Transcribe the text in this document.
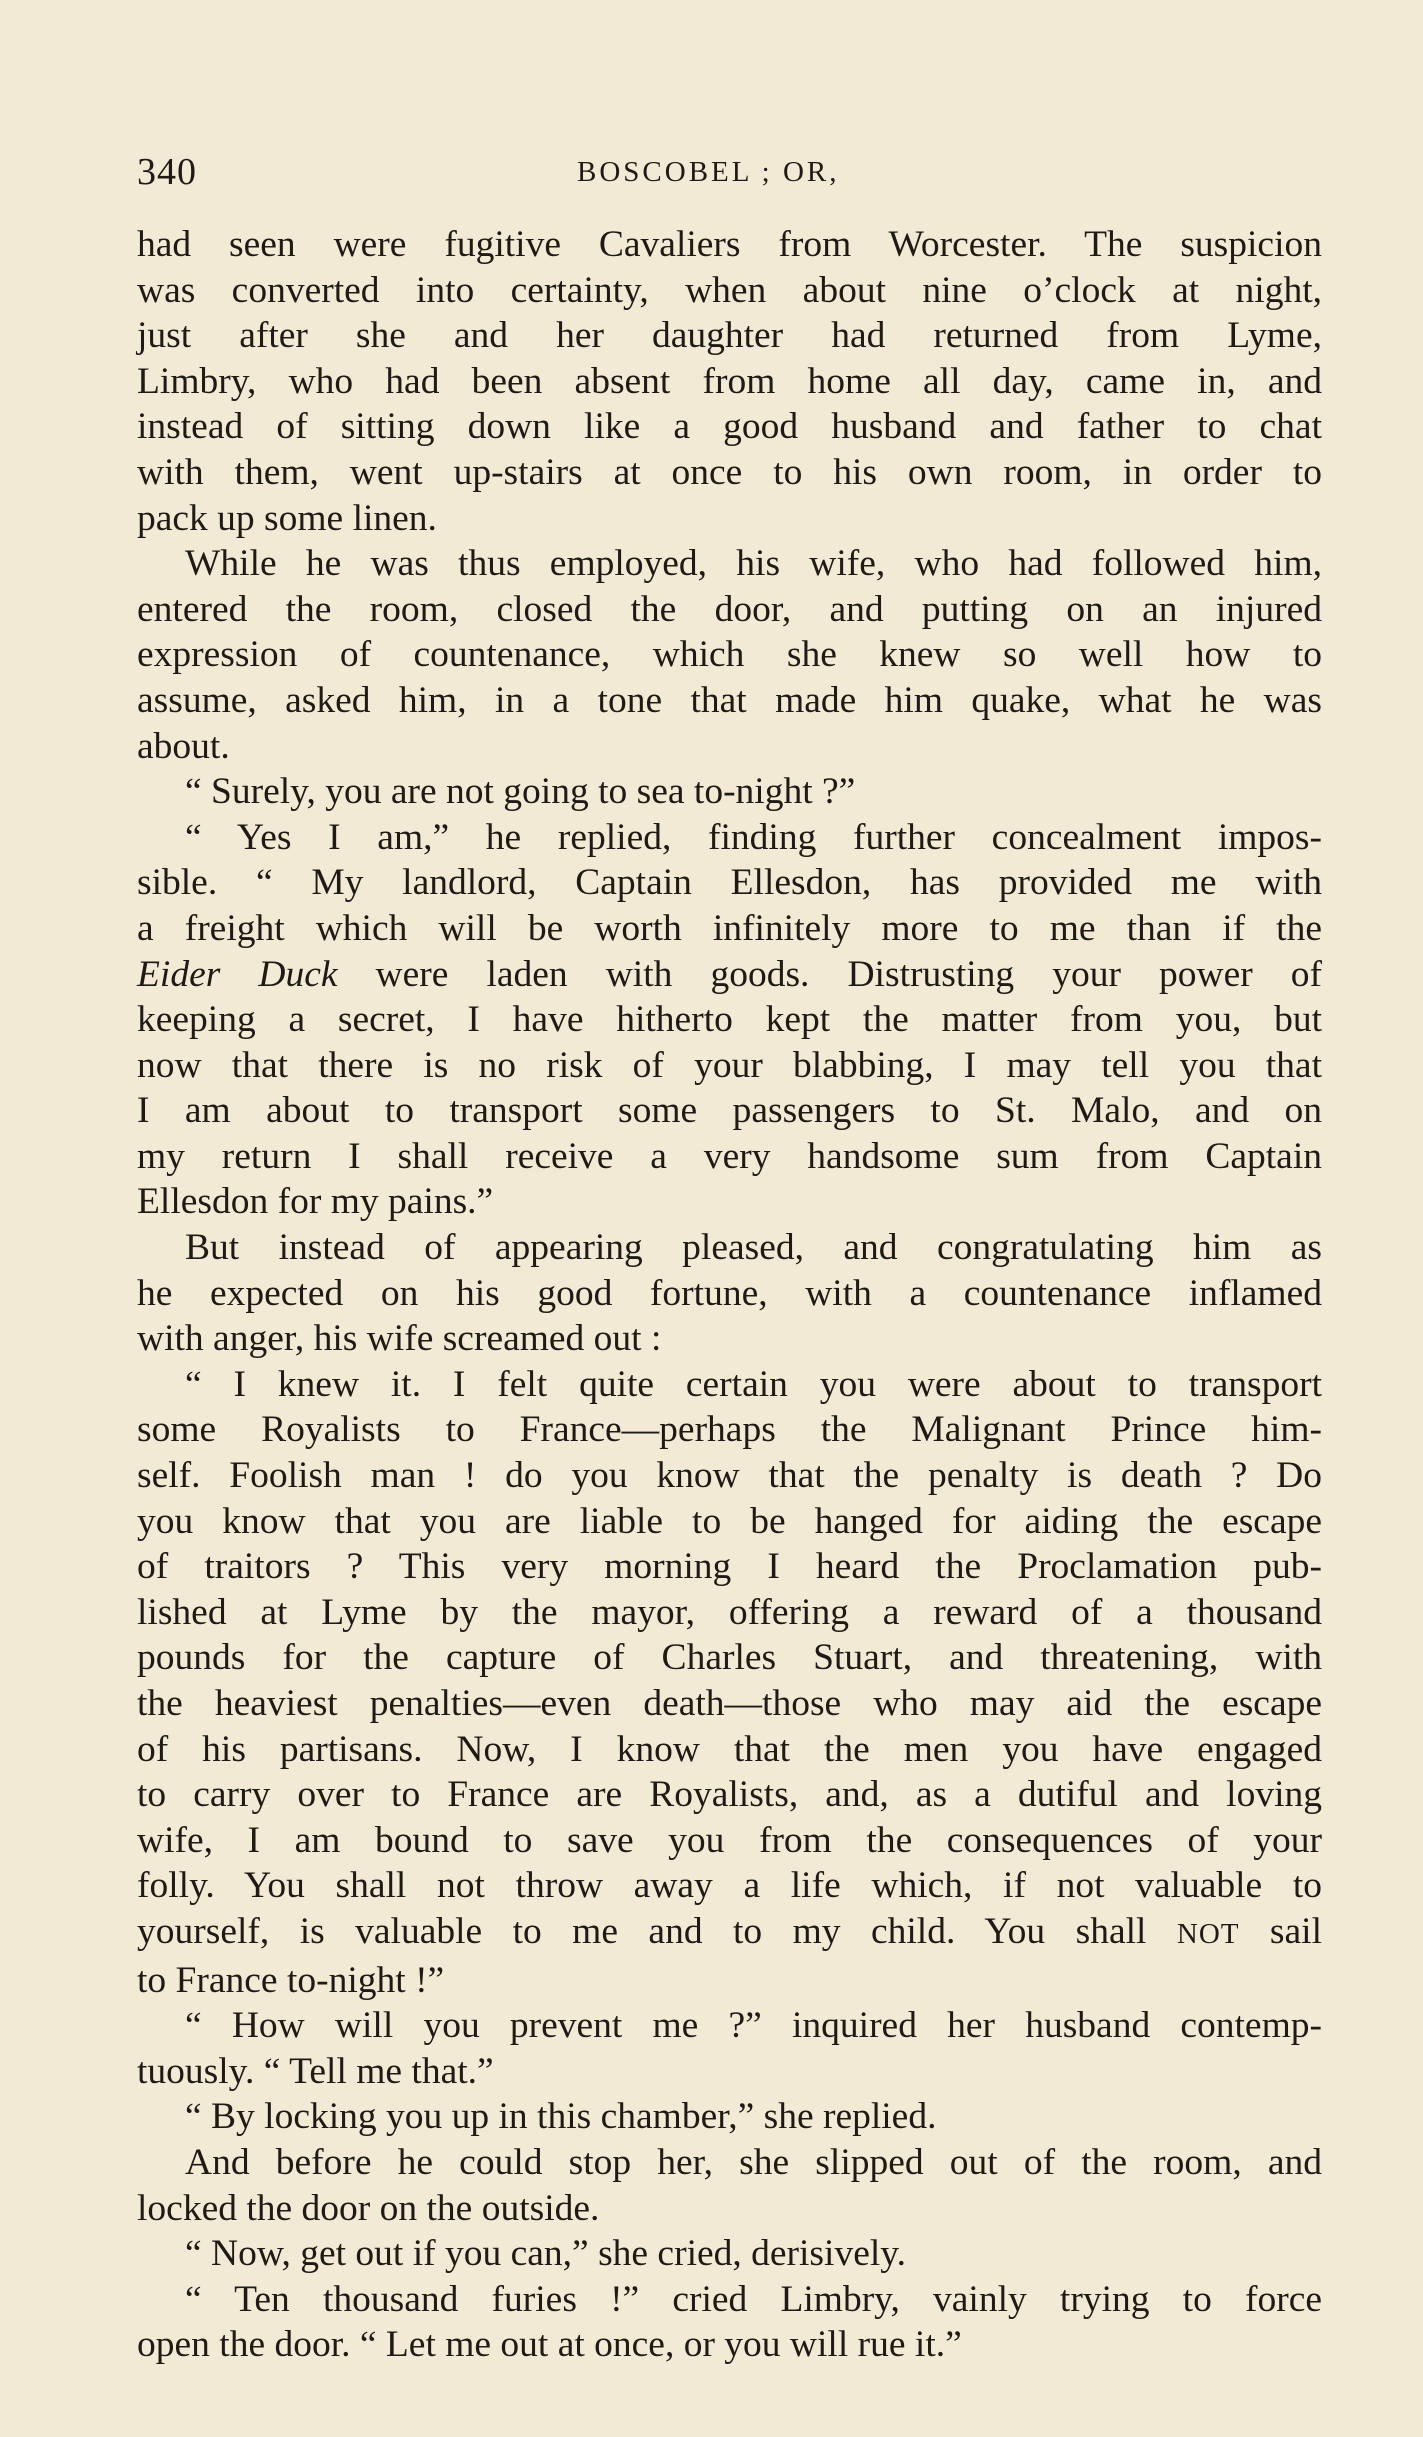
340	BOSCOBEL ; OR,
had seen were fugitive Cavaliers from Worcester. The suspicion
was converted into certainty, when about nine o’clock at night,
just after she and her daughter had returned from Lyme,
Limbry, who had been absent from home all day, came in, and
instead of sitting down like a good husband and father to chat
with them, went up-stairs at once to his own room, in order to
pack up some linen.
While he was thus employed, his wife, who had followed him,
entered the room, closed the door, and putting on an injured
expression of countenance, which she knew so well how to
assume, asked him, in a tone that made him quake, what he was
about.
“ Surely, you are not going to sea to-night ?”
“ Yes I am,” he replied, finding further concealment impos-
sible. “ My landlord, Captain Ellesdon, has provided me with
a freight which will be worth infinitely more to me than if the
Eider Duck were laden with goods. Distrusting your power of
keeping a secret, I have hitherto kept the matter from you, but
now that there is no risk of your blabbing, I may tell you that
I am about to transport some passengers to St. Malo, and on
my return I shall receive a very handsome sum from Captain
Ellesdon for my pains.”
But instead of appearing pleased, and congratulating him as
he expected on his good fortune, with a countenance inflamed
with anger, his wife screamed out :
“ I knew it. I felt quite certain you were about to transport
some Royalists to France—perhaps the Malignant Prince him-
self. Foolish man ! do you know that the penalty is death ? Do
you know that you are liable to be hanged for aiding the escape
of traitors ? This very morning I heard the Proclamation pub-
lished at Lyme by the mayor, offering a reward of a thousand
pounds for the capture of Charles Stuart, and threatening, with
the heaviest penalties—even death—those who may aid the escape
of his partisans. Now, I know that the men you have engaged
to carry over to France are Royalists, and, as a dutiful and loving
wife, I am bound to save you from the consequences of your
folly. You shall not throw away a life which, if not valuable to
yourself, is valuable to me and to my child. You shall NOT sail
to France to-night !”
“ How will you prevent me ?” inquired her husband contemp-
tuously. “ Tell me that.”
“ By locking you up in this chamber,” she replied.
And before he could stop her, she slipped out of the room, and
locked the door on the outside.
“ Now, get out if you can,” she cried, derisively.
“ Ten thousand furies !” cried Limbry, vainly trying to force
open the door. “ Let me out at once, or you will rue it.”
